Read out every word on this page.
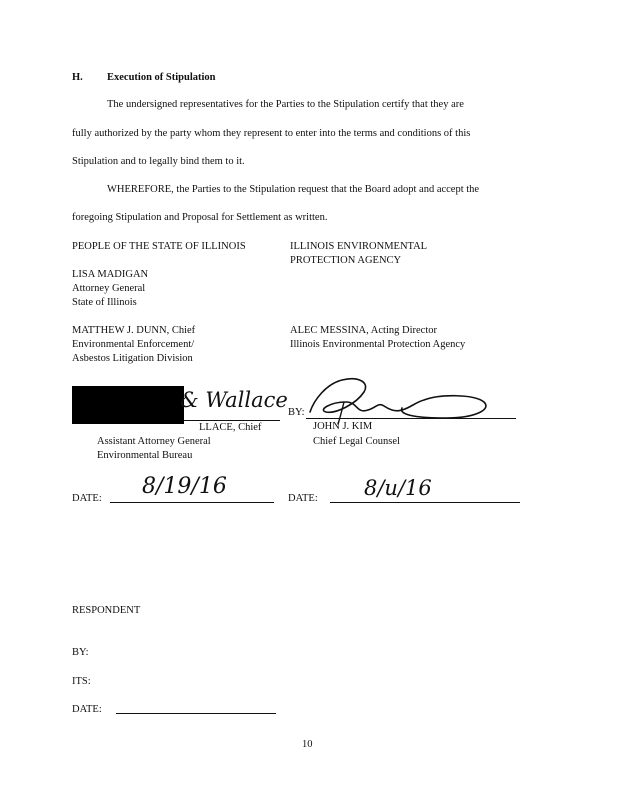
H. Execution of Stipulation
The undersigned representatives for the Parties to the Stipulation certify that they are
fully authorized by the party whom they represent to enter into the terms and conditions of this
Stipulation and to legally bind them to it.
WHEREFORE, the Parties to the Stipulation request that the Board adopt and accept the
foregoing Stipulation and Proposal for Settlement as written.
PEOPLE OF THE STATE OF ILLINOIS
LISA MADIGAN
Attorney General
State of Illinois
MATTHEW J. DUNN, Chief
Environmental Enforcement/
Asbestos Litigation Division
ILLINOIS ENVIRONMENTAL
PROTECTION AGENCY
ALEC MESSINA, Acting Director
Illinois Environmental Protection Agency
& Wallace
LLACE, Chief
Assistant Attorney General
Environmental Bureau
BY:
JOHN J. KIM
Chief Legal Counsel
DATE: 8/19/16	DATE: 8/u/16
RESPONDENT
BY:
ITS:
DATE:
10
